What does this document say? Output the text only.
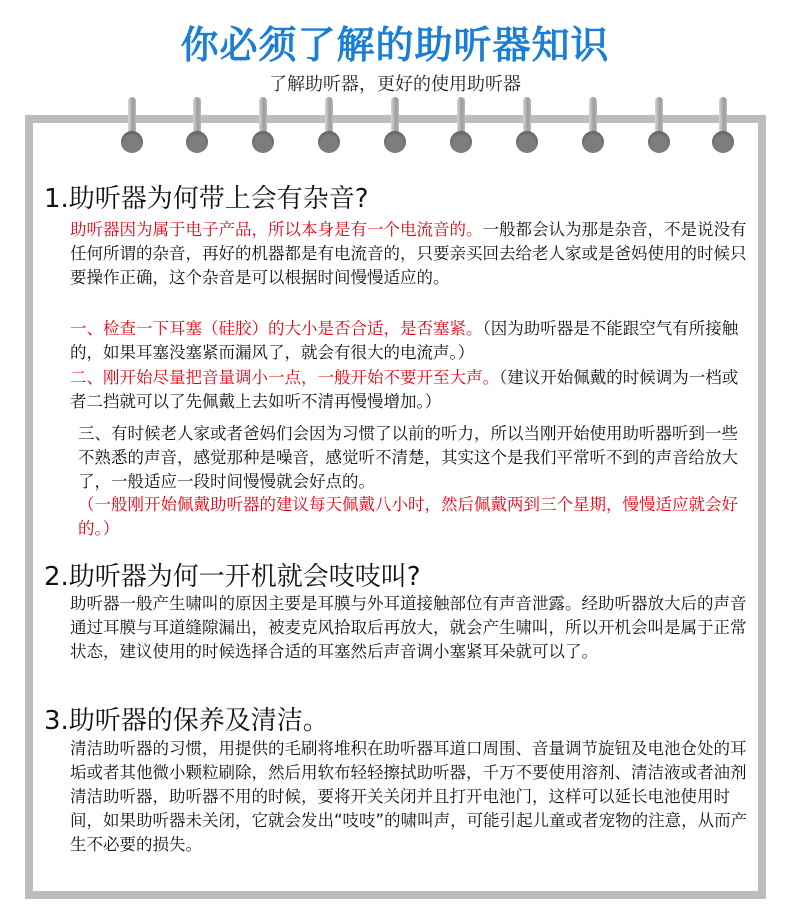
你必须了解的助听器知识
了解助听器，更好的使用助听器
1.助听器为何带上会有杂音?
助听器因为属于电子产品，所以本身是有一个电流音的。一般都会认为那是杂音，不是说没有任何所谓的杂音，再好的机器都是有电流音的，只要亲买回去给老人家或是爸妈使用的时候只要操作正确，这个杂音是可以根据时间慢慢适应的。
一、检查一下耳塞（硅胶）的大小是否合适，是否塞紧。（因为助听器是不能跟空气有所接触的，如果耳塞没塞紧而漏风了，就会有很大的电流声。）
二、刚开始尽量把音量调小一点，一般开始不要开至大声。（建议开始佩戴的时候调为一档或者二挡就可以了先佩戴上去如听不清再慢慢增加。）
三、有时候老人家或者爸妈们会因为习惯了以前的听力，所以当刚开始使用助听器听到一些不熟悉的声音，感觉那种是噪音，感觉听不清楚，其实这个是我们平常听不到的声音给放大了，一般适应一段时间慢慢就会好点的。
（一般刚开始佩戴助听器的建议每天佩戴八小时，然后佩戴两到三个星期，慢慢适应就会好的。）
2.助听器为何一开机就会吱吱叫?
助听器一般产生啸叫的原因主要是耳膜与外耳道接触部位有声音泄露。经助听器放大后的声音通过耳膜与耳道缝隙漏出，被麦克风拾取后再放大，就会产生啸叫，所以开机会叫是属于正常状态，建议使用的时候选择合适的耳塞然后声音调小塞紧耳朵就可以了。
3.助听器的保养及清洁。
清洁助听器的习惯，用提供的毛刷将堆积在助听器耳道口周围、音量调节旋钮及电池仓处的耳垢或者其他微小颗粒刷除，然后用软布轻轻擦拭助听器，千万不要使用溶剂、清洁液或者油剂清洁助听器，助听器不用的时候，要将开关关闭并且打开电池门，这样可以延长电池使用时间，如果助听器未关闭，它就会发出“吱吱”的啸叫声，可能引起儿童或者宠物的注意，从而产生不必要的损失。
